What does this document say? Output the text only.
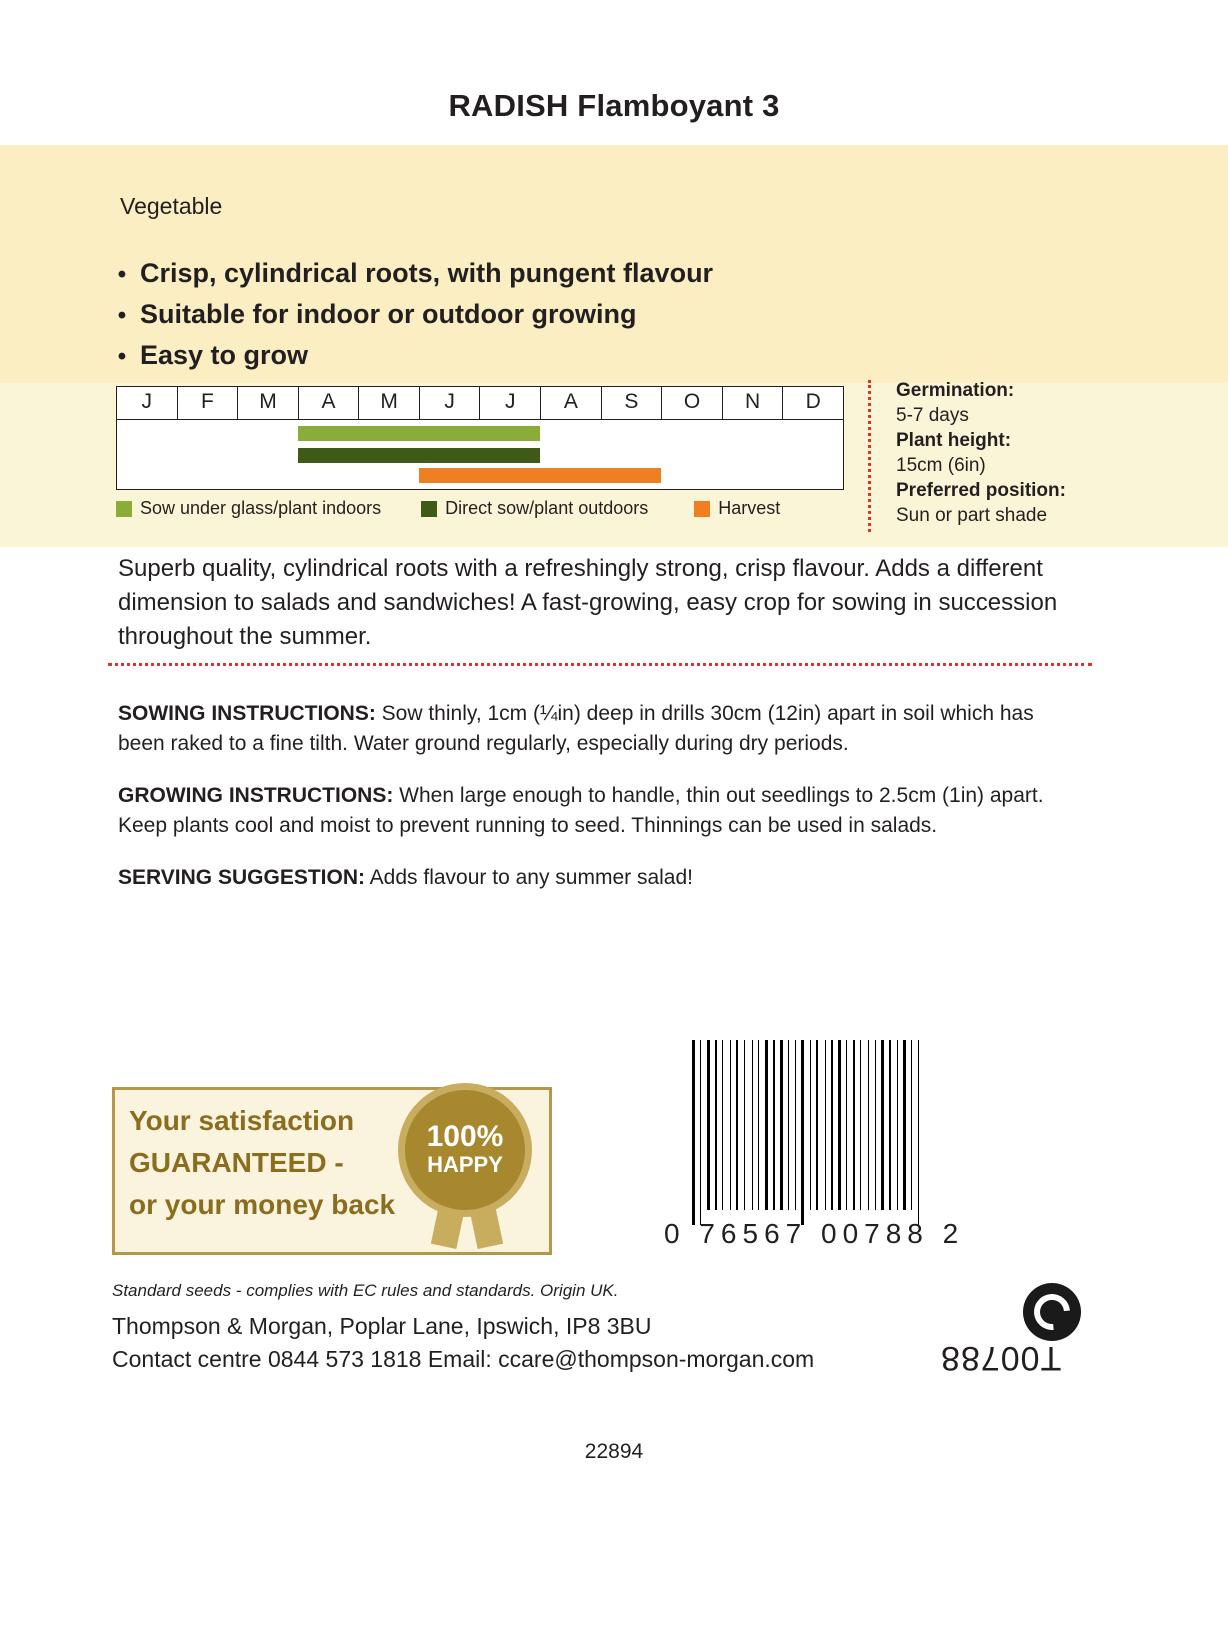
RADISH Flamboyant 3
Vegetable
• Crisp, cylindrical roots, with pungent flavour
• Suitable for indoor or outdoor growing
• Easy to grow
J	F	M	A	M	J	J	A	S	O	N	D
Sow under glass/plant indoors	Direct sow/plant outdoors	Harvest
Germination:
5-7 days
Plant height:
15cm (6in)
Preferred position:
Sun or part shade
Superb quality, cylindrical roots with a refreshingly strong, crisp flavour. Adds a different dimension to salads and sandwiches! A fast-growing, easy crop for sowing in succession throughout the summer.

SOWING INSTRUCTIONS: Sow thinly, 1cm (¼in) deep in drills 30cm (12in) apart in soil which has been raked to a fine tilth. Water ground regularly, especially during dry periods.

GROWING INSTRUCTIONS: When large enough to handle, thin out seedlings to 2.5cm (1in) apart. Keep plants cool and moist to prevent running to seed. Thinnings can be used in salads.

SERVING SUGGESTION: Adds flavour to any summer salad!

Your satisfaction
GUARANTEED -
or your money back
100%
HAPPY
0 76567 00788 2
Standard seeds - complies with EC rules and standards. Origin UK.
Thompson & Morgan, Poplar Lane, Ipswich, IP8 3BU
Contact centre 0844 573 1818 Email: ccare@thompson-morgan.com	T00788
22894
